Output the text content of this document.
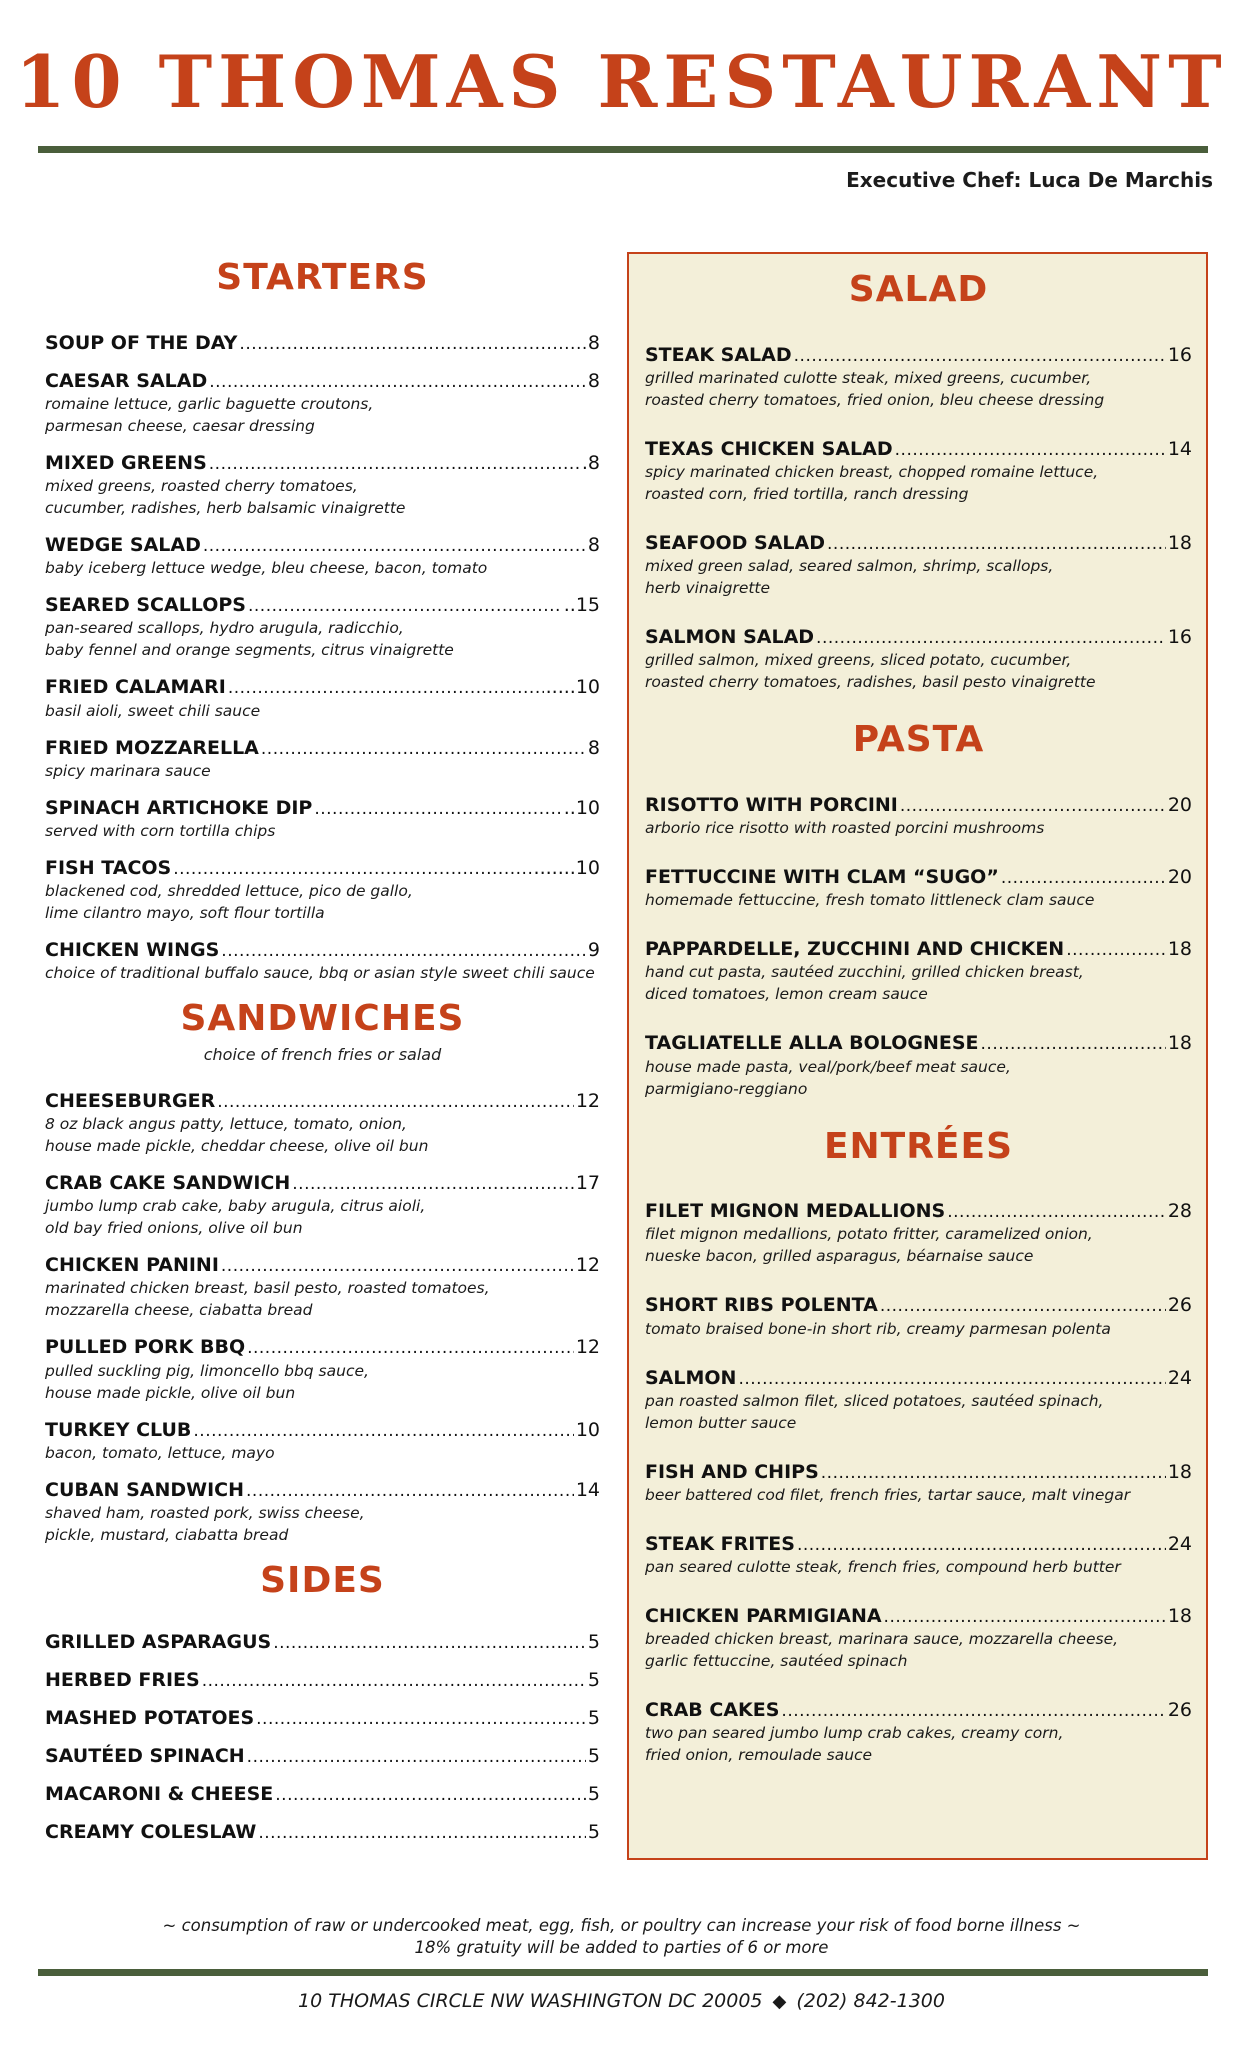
10 THOMAS RESTAURANT
Executive Chef: Luca De Marchis
STARTERS
SOUP OF THE DAY .....	8
CAESAR SALAD .....	8
romaine lettuce, garlic baguette croutons,
parmesan cheese, caesar dressing
MIXED GREENS .....	.8
mixed greens, roasted cherry tomatoes,
cucumber, radishes, herb balsamic vinaigrette
WEDGE SALAD .....	8
baby iceberg lettuce wedge, bleu cheese, bacon, tomato
SEARED SCALLOPS .....	..15
pan-seared scallops, hydro arugula, radicchio,
baby fennel and orange segments, citrus vinaigrette
FRIED CALAMARI .....	.....10
basil aioli, sweet chili sauce
FRIED MOZZARELLA .....	8
spicy marinara sauce
SPINACH ARTICHOKE DIP .....	..10
served with corn tortilla chips
FISH TACOS .....	.......10
blackened cod, shredded lettuce, pico de gallo,
lime cilantro mayo, soft flour tortilla
CHICKEN WINGS .....	9
choice of traditional buffalo sauce, bbq or asian style sweet chili sauce
SANDWICHES
choice of french fries or salad
CHEESEBURGER .....	12
8 oz black angus patty, lettuce, tomato, onion,
house made pickle, cheddar cheese, olive oil bun
CRAB CAKE SANDWICH .....	17
jumbo lump crab cake, baby arugula, citrus aioli,
old bay fried onions, olive oil bun
CHICKEN PANINI .....	12
marinated chicken breast, basil pesto, roasted tomatoes,
mozzarella cheese, ciabatta bread
PULLED PORK BBQ .....	12
pulled suckling pig, limoncello bbq sauce,
house made pickle, olive oil bun
TURKEY CLUB .....	10
bacon, tomato, lettuce, mayo
CUBAN SANDWICH .....	14
shaved ham, roasted pork, swiss cheese,
pickle, mustard, ciabatta bread
SIDES
GRILLED ASPARAGUS .....	5
HERBED FRIES .....	5
MASHED POTATOES .....	5
SAUTÉED SPINACH .....	5
MACARONI & CHEESE .....	5
CREAMY COLESLAW .....	5
SALAD
STEAK SALAD .....	16
grilled marinated culotte steak, mixed greens, cucumber,
roasted cherry tomatoes, fried onion, bleu cheese dressing
TEXAS CHICKEN SALAD .....	14
spicy marinated chicken breast, chopped romaine lettuce,
roasted corn, fried tortilla, ranch dressing
SEAFOOD SALAD .....	18
mixed green salad, seared salmon, shrimp, scallops,
herb vinaigrette
SALMON SALAD .....	16
grilled salmon, mixed greens, sliced potato, cucumber,
roasted cherry tomatoes, radishes, basil pesto vinaigrette
PASTA
RISOTTO WITH PORCINI .....	20
arborio rice risotto with roasted porcini mushrooms
FETTUCCINE WITH CLAM “SUGO” .....	20
homemade fettuccine, fresh tomato littleneck clam sauce
PAPPARDELLE, ZUCCHINI AND CHICKEN .....	18
hand cut pasta, sautéed zucchini, grilled chicken breast,
diced tomatoes, lemon cream sauce
TAGLIATELLE ALLA BOLOGNESE .....	18
house made pasta, veal/pork/beef meat sauce,
parmigiano-reggiano
ENTRÉES
FILET MIGNON MEDALLIONS .....	28
filet mignon medallions, potato fritter, caramelized onion,
nueske bacon, grilled asparagus, béarnaise sauce
SHORT RIBS POLENTA .....	26
tomato braised bone-in short rib, creamy parmesan polenta
SALMON .....	24
pan roasted salmon filet, sliced potatoes, sautéed spinach,
lemon butter sauce
FISH AND CHIPS .....	18
beer battered cod filet, french fries, tartar sauce, malt vinegar
STEAK FRITES .....	24
pan seared culotte steak, french fries, compound herb butter
CHICKEN PARMIGIANA .....	18
breaded chicken breast, marinara sauce, mozzarella cheese,
garlic fettuccine, sautéed spinach
CRAB CAKES .....	26
two pan seared jumbo lump crab cakes, creamy corn,
fried onion, remoulade sauce
~ consumption of raw or undercooked meat, egg, fish, or poultry can increase your risk of food borne illness ~
18% gratuity will be added to parties of 6 or more
10 THOMAS CIRCLE NW WASHINGTON DC 20005 ◆ (202) 842-1300
